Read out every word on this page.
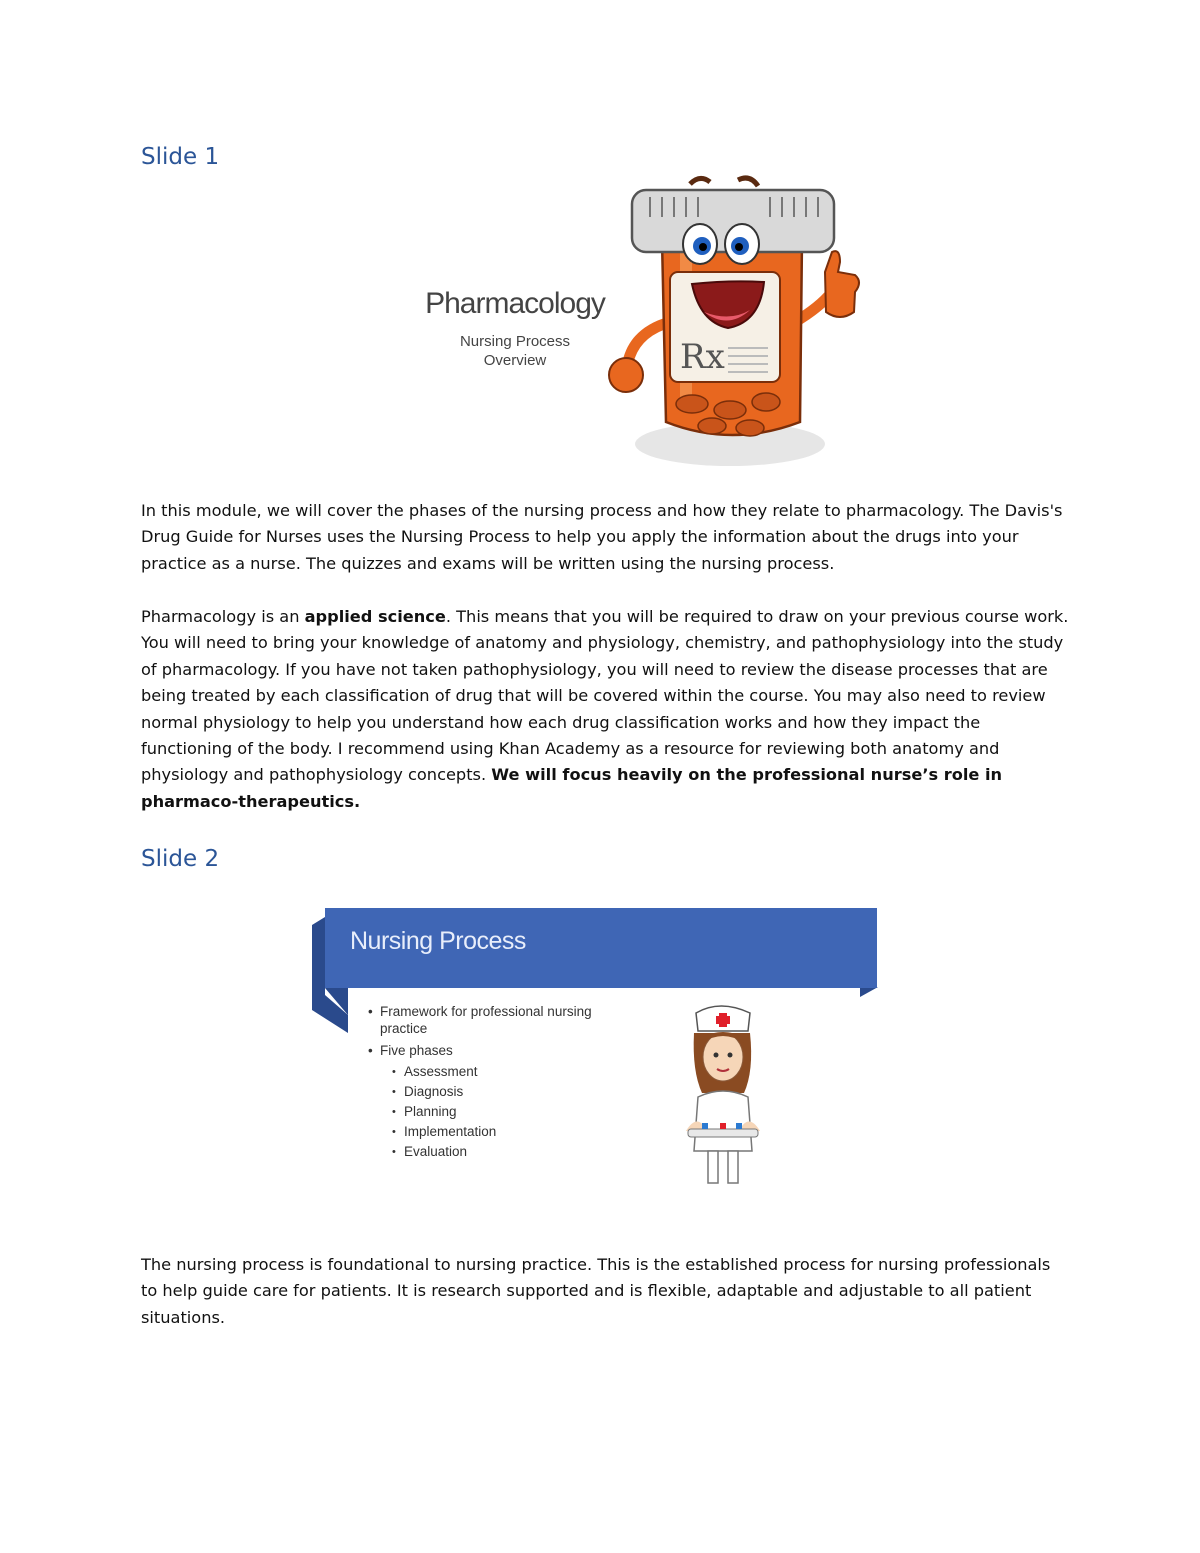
Slide 1
Pharmacology
Nursing Process
Overview	Rx

In this module, we will cover the phases of the nursing process and how they relate to pharmacology. The Davis's Drug Guide for Nurses uses the Nursing Process to help you apply the information about the drugs into your practice as a nurse. The quizzes and exams will be written using the nursing process.

Pharmacology is an applied science. This means that you will be required to draw on your previous course work. You will need to bring your knowledge of anatomy and physiology, chemistry, and pathophysiology into the study of pharmacology. If you have not taken pathophysiology, you will need to review the disease processes that are being treated by each classification of drug that will be covered within the course. You may also need to review normal physiology to help you understand how each drug classification works and how they impact the functioning of the body. I recommend using Khan Academy as a resource for reviewing both anatomy and physiology and pathophysiology concepts. We will focus heavily on the professional nurse’s role in pharmaco-therapeutics.

Slide 2
Nursing Process
• Framework for professional nursing practice
• Five phases
• Assessment
• Diagnosis
• Planning
• Implementation
• Evaluation

The nursing process is foundational to nursing practice. This is the established process for nursing professionals to help guide care for patients. It is research supported and is flexible, adaptable and adjustable to all patient situations.
